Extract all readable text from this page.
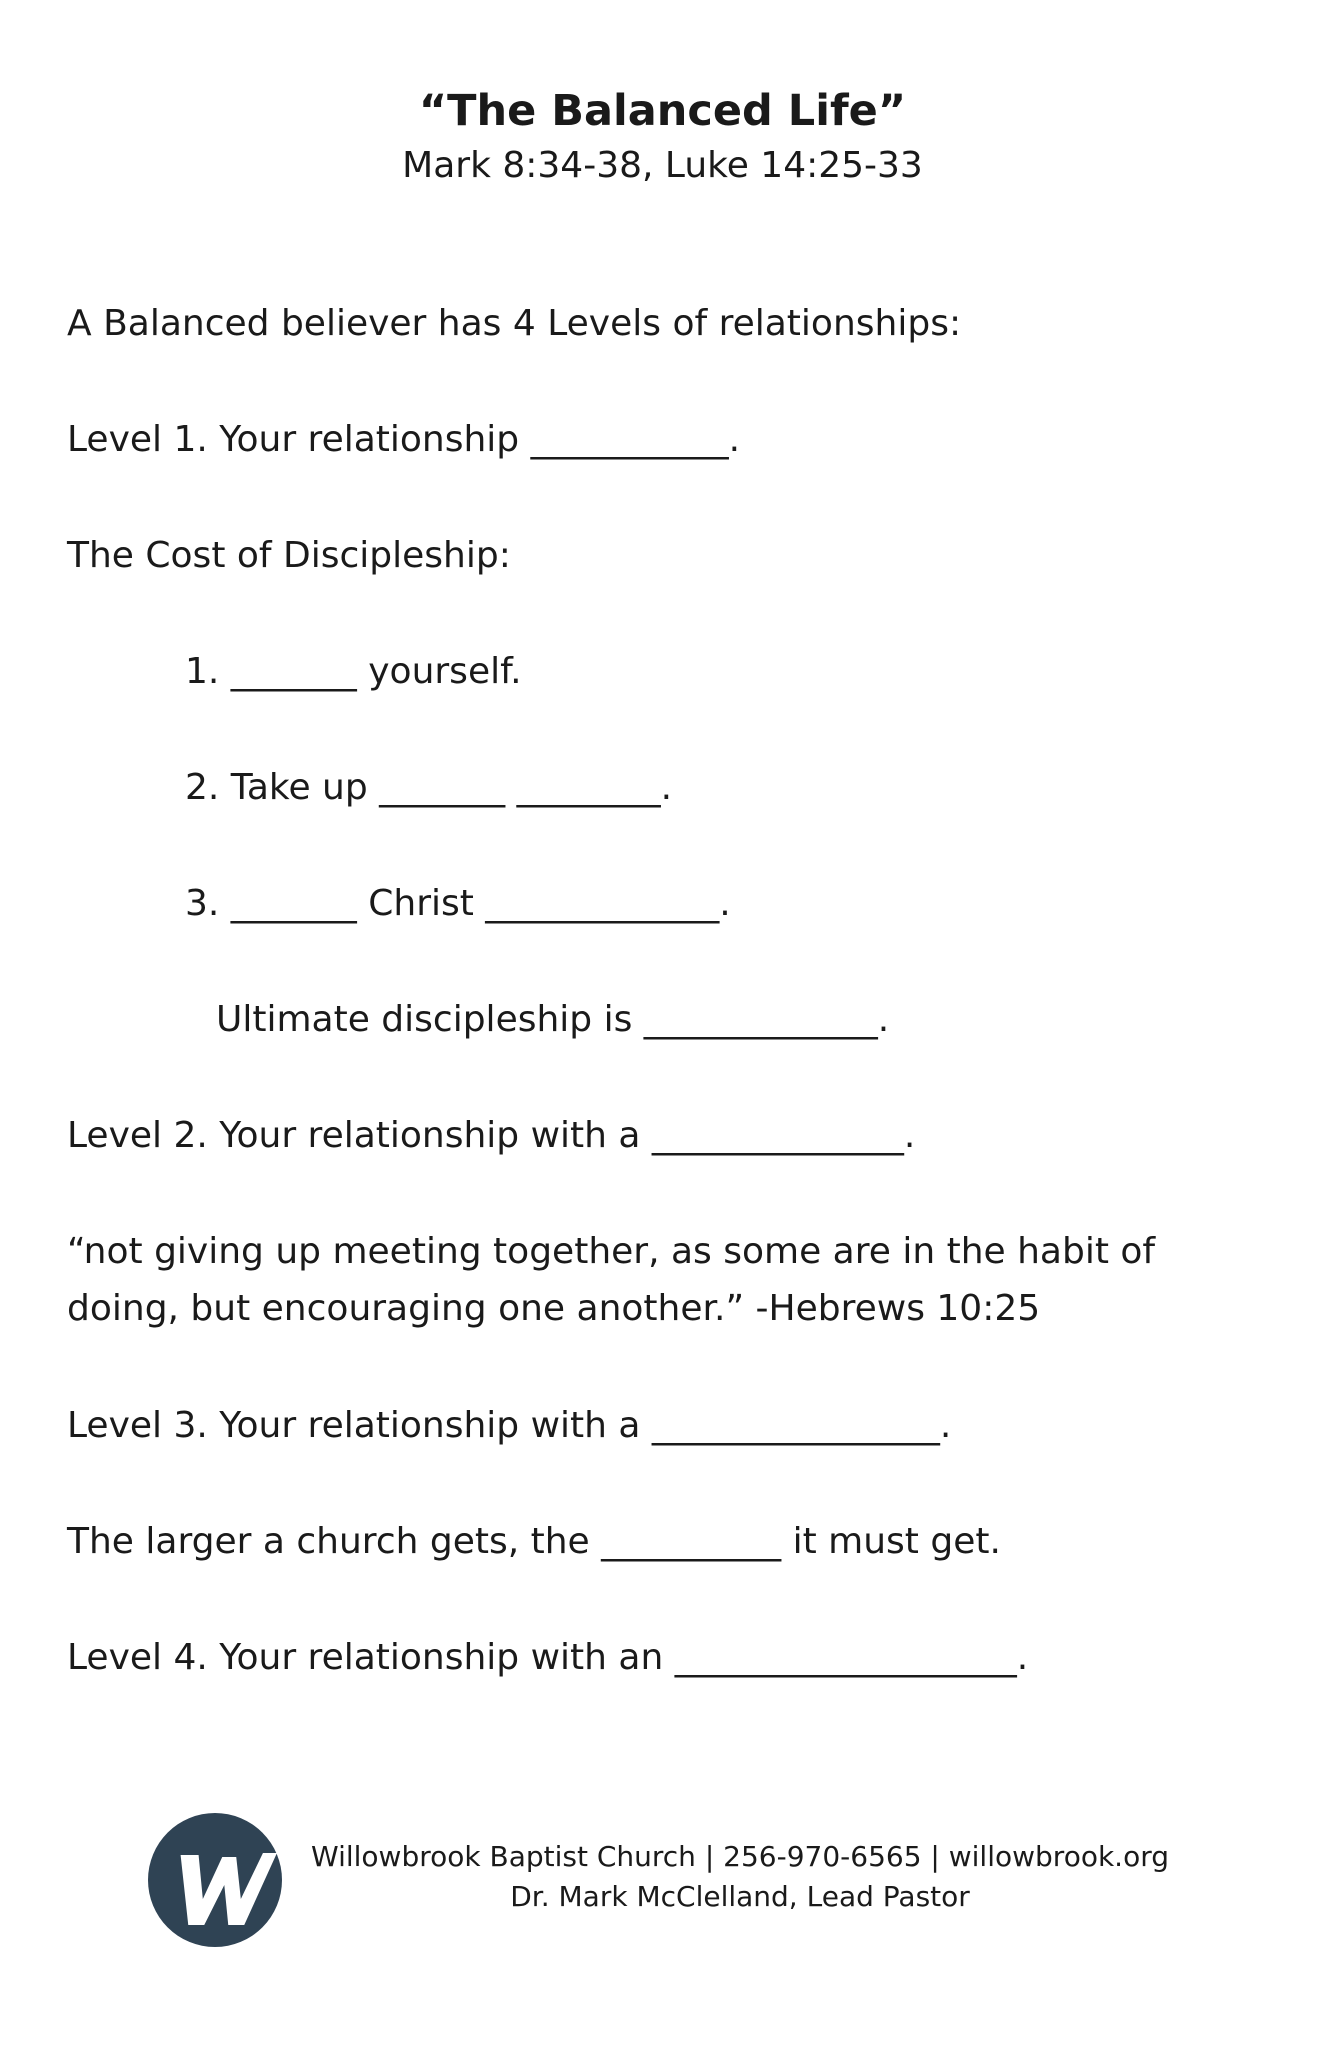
“The Balanced Life”
Mark 8:34-38, Luke 14:25-33

A Balanced believer has 4 Levels of relationships:

Level 1. Your relationship ___________.

The Cost of Discipleship:

1. _______ yourself.

2. Take up _______ ________.

3. _______ Christ _____________.

Ultimate discipleship is _____________.

Level 2. Your relationship with a ______________.

“not giving up meeting together, as some are in the habit of

doing, but encouraging one another.” -Hebrews 10:25

Level 3. Your relationship with a ________________.

The larger a church gets, the __________ it must get.

Level 4. Your relationship with an ___________________.

Willowbrook Baptist Church | 256-970-6565 | willowbrook.org
Dr. Mark McClelland, Lead Pastor
